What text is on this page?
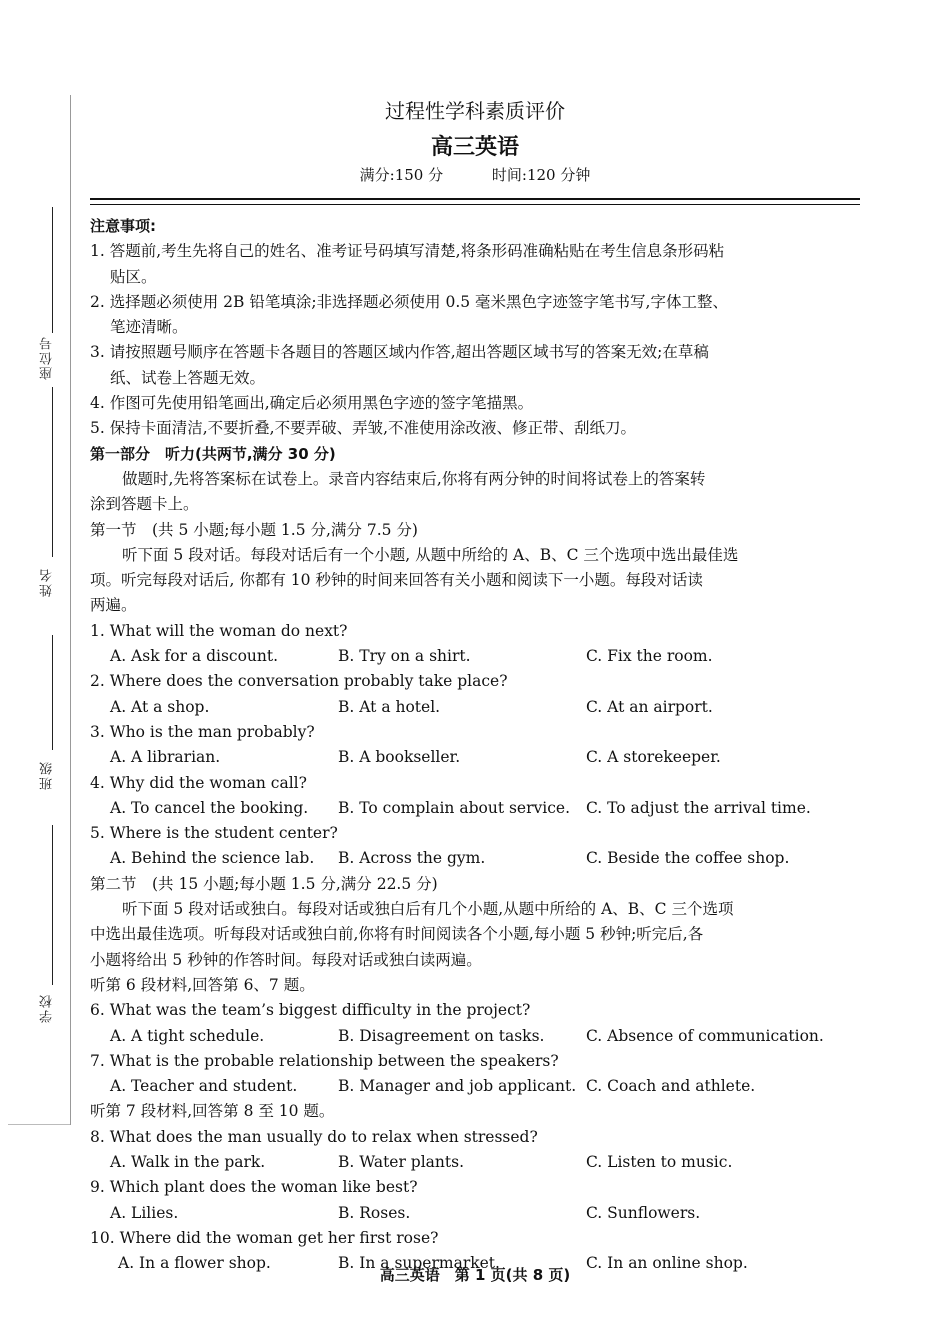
座位号
姓名
班级
学校
过程性学科素质评价
高三英语
满分:150 分	时间:120 分钟
注意事项:
1. 答题前,考生先将自己的姓名、准考证号码填写清楚,将条形码准确粘贴在考生信息条形码粘
贴区。
2. 选择题必须使用 2B 铅笔填涂;非选择题必须使用 0.5 毫米黑色字迹签字笔书写,字体工整、
笔迹清晰。
3. 请按照题号顺序在答题卡各题目的答题区域内作答,超出答题区域书写的答案无效;在草稿
纸、试卷上答题无效。
4. 作图可先使用铅笔画出,确定后必须用黑色字迹的签字笔描黑。
5. 保持卡面清洁,不要折叠,不要弄破、弄皱,不准使用涂改液、修正带、刮纸刀。
第一部分　听力(共两节,满分 30 分)
做题时,先将答案标在试卷上。录音内容结束后,你将有两分钟的时间将试卷上的答案转
涂到答题卡上。
第一节　(共 5 小题;每小题 1.5 分,满分 7.5 分)
听下面 5 段对话。每段对话后有一个小题, 从题中所给的 A、B、C 三个选项中选出最佳选
项。听完每段对话后, 你都有 10 秒钟的时间来回答有关小题和阅读下一小题。每段对话读
两遍。
1. What will the woman do next?
A. Ask for a discount.	B. Try on a shirt.	C. Fix the room.
2. Where does the conversation probably take place?
A. At a shop.	B. At a hotel.	C. At an airport.
3. Who is the man probably?
A. A librarian.	B. A bookseller.	C. A storekeeper.
4. Why did the woman call?
A. To cancel the booking. B. To complain about service. C. To adjust the arrival time.
5. Where is the student center?
A. Behind the science lab. B. Across the gym.	C. Beside the coffee shop.
第二节　(共 15 小题;每小题 1.5 分,满分 22.5 分)
听下面 5 段对话或独白。每段对话或独白后有几个小题,从题中所给的 A、B、C 三个选项
中选出最佳选项。听每段对话或独白前,你将有时间阅读各个小题,每小题 5 秒钟;听完后,各
小题将给出 5 秒钟的作答时间。每段对话或独白读两遍。
听第 6 段材料,回答第 6、7 题。
6. What was the team’s biggest difficulty in the project?
A. A tight schedule.	B. Disagreement on tasks.	C. Absence of communication.
7. What is the probable relationship between the speakers?
A. Teacher and student.	B. Manager and job applicant. C. Coach and athlete.
听第 7 段材料,回答第 8 至 10 题。
8. What does the man usually do to relax when stressed?
A. Walk in the park.	B. Water plants.	C. Listen to music.
9. Which plant does the woman like best?
A. Lilies.	B. Roses.	C. Sunflowers.
10. Where did the woman get her first rose?
A. In a flower shop.	B. In a supermarket.	C. In an online shop.
高三英语　第 1 页(共 8 页)
